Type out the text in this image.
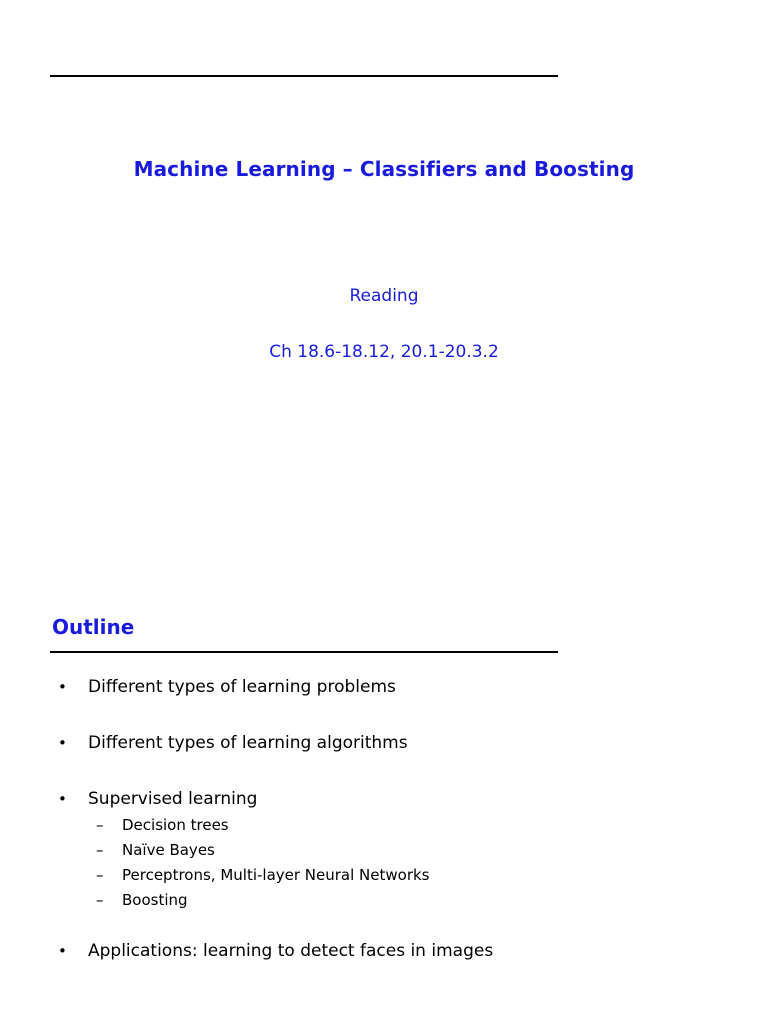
Machine Learning – Classifiers and Boosting
Reading
Ch 18.6-18.12, 20.1-20.3.2
Outline
• Different types of learning problems
• Different types of learning algorithms
• Supervised learning
– Decision trees
– Naïve Bayes
– Perceptrons, Multi-layer Neural Networks
– Boosting
• Applications: learning to detect faces in images
